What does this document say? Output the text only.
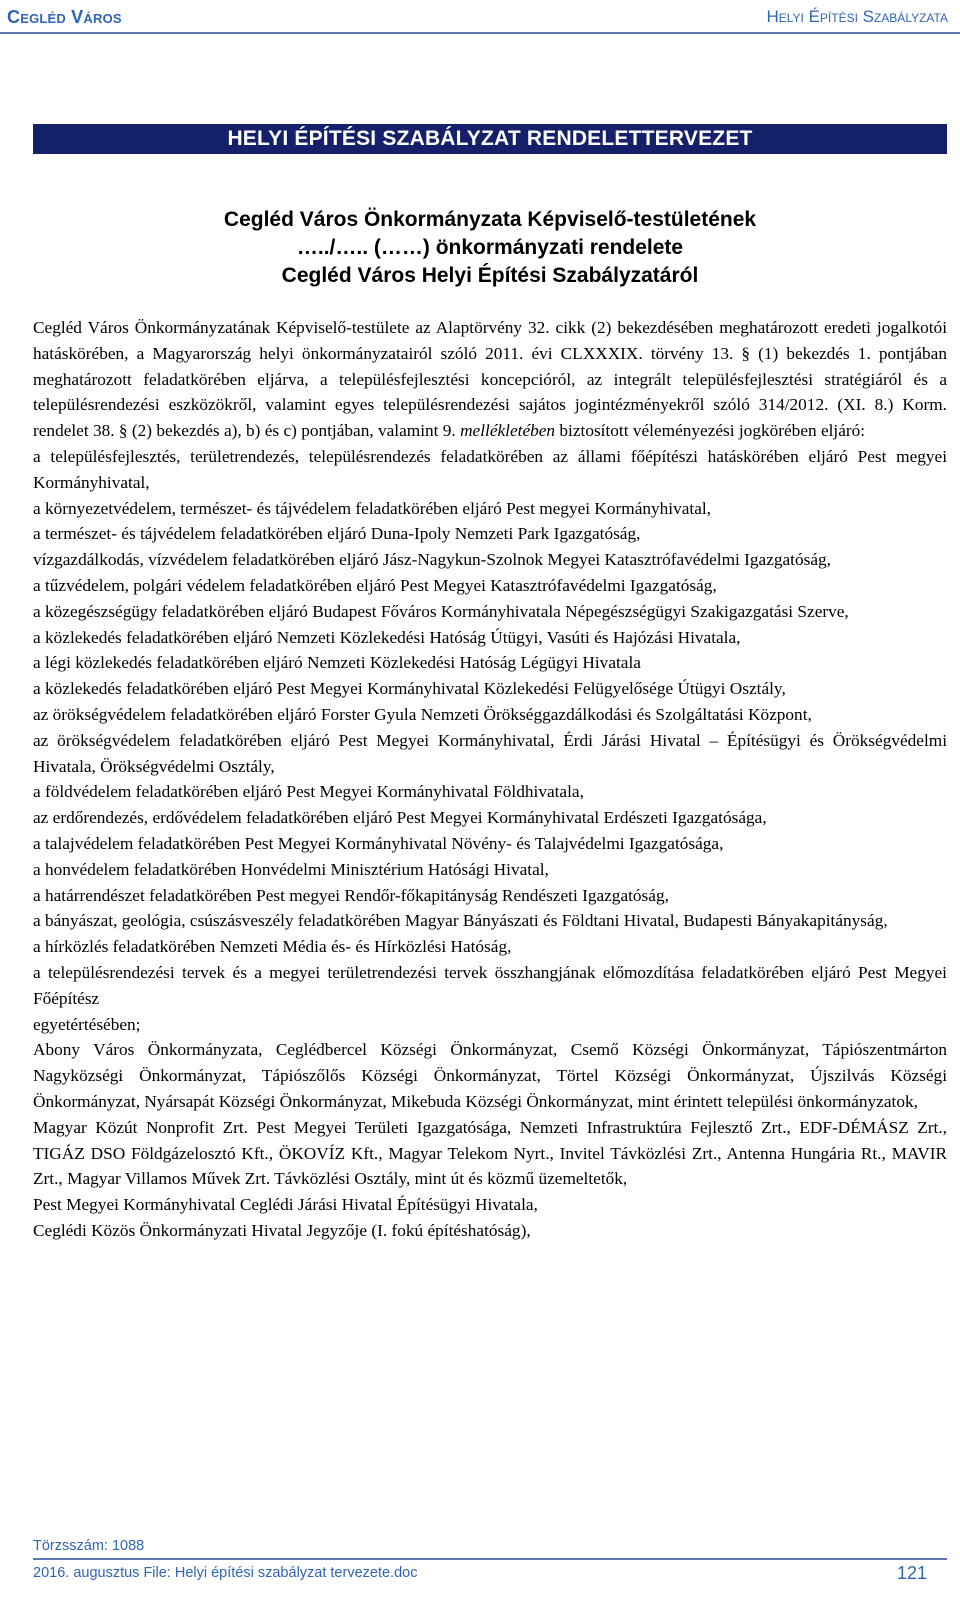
Cegléd Város	Helyi Építési Szabályzata
HELYI ÉPÍTÉSI SZABÁLYZAT RENDELETTERVEZET
Cegléd Város Önkormányzata Képviselő-testületének
…../….. (……) önkormányzati rendelete
Cegléd Város Helyi Építési Szabályzatáról

Cegléd Város Önkormányzatának Képviselő-testülete az Alaptörvény 32. cikk (2) bekezdésében meghatározott eredeti jogalkotói hatáskörében, a Magyarország helyi önkormányzatairól szóló 2011. évi CLXXXIX. törvény 13. § (1) bekezdés 1. pontjában meghatározott feladatkörében eljárva, a településfejlesztési koncepcióról, az integrált településfejlesztési stratégiáról és a településrendezési eszközökről, valamint egyes településrendezési sajátos jogintézményekről szóló 314/2012. (XI. 8.) Korm. rendelet 38. § (2) bekezdés a), b) és c) pontjában, valamint 9. mellékletében biztosított véleményezési jogkörében eljáró:

a településfejlesztés, területrendezés, településrendezés feladatkörében az állami főépítészi hatáskörében eljáró Pest megyei Kormányhivatal,

a környezetvédelem, természet- és tájvédelem feladatkörében eljáró Pest megyei Kormányhivatal,

a természet- és tájvédelem feladatkörében eljáró Duna-Ipoly Nemzeti Park Igazgatóság,

vízgazdálkodás, vízvédelem feladatkörében eljáró Jász-Nagykun-Szolnok Megyei Katasztrófavédelmi Igazgatóság,

a tűzvédelem, polgári védelem feladatkörében eljáró Pest Megyei Katasztrófavédelmi Igazgatóság,

a közegészségügy feladatkörében eljáró Budapest Főváros Kormányhivatala Népegészségügyi Szakigazgatási Szerve,

a közlekedés feladatkörében eljáró Nemzeti Közlekedési Hatóság Útügyi, Vasúti és Hajózási Hivatala,

a légi közlekedés feladatkörében eljáró Nemzeti Közlekedési Hatóság Légügyi Hivatala

a közlekedés feladatkörében eljáró Pest Megyei Kormányhivatal Közlekedési Felügyelősége Útügyi Osztály,

az örökségvédelem feladatkörében eljáró Forster Gyula Nemzeti Örökséggazdálkodási és Szolgáltatási Központ,

az örökségvédelem feladatkörében eljáró Pest Megyei Kormányhivatal, Érdi Járási Hivatal – Építésügyi és Örökségvédelmi Hivatala, Örökségvédelmi Osztály,

a földvédelem feladatkörében eljáró Pest Megyei Kormányhivatal Földhivatala,

az erdőrendezés, erdővédelem feladatkörében eljáró Pest Megyei Kormányhivatal Erdészeti Igazgatósága,

a talajvédelem feladatkörében Pest Megyei Kormányhivatal Növény- és Talajvédelmi Igazgatósága,

a honvédelem feladatkörében Honvédelmi Minisztérium Hatósági Hivatal,

a határrendészet feladatkörében Pest megyei Rendőr-főkapitányság Rendészeti Igazgatóság,

a bányászat, geológia, csúszásveszély feladatkörében Magyar Bányászati és Földtani Hivatal, Budapesti Bányakapitányság,

a hírközlés feladatkörében Nemzeti Média és- és Hírközlési Hatóság,

a településrendezési tervek és a megyei területrendezési tervek összhangjának előmozdítása feladatkörében eljáró Pest Megyei Főépítész

egyetértésében;

Abony Város Önkormányzata, Ceglédbercel Községi Önkormányzat, Csemő Községi Önkormányzat, Tápiószentmárton Nagyközségi Önkormányzat, Tápiószőlős Községi Önkormányzat, Törtel Községi Önkormányzat, Újszilvás Községi Önkormányzat, Nyársapát Községi Önkormányzat, Mikebuda Községi Önkormányzat, mint érintett települési önkormányzatok,

Magyar Közút Nonprofit Zrt. Pest Megyei Területi Igazgatósága, Nemzeti Infrastruktúra Fejlesztő Zrt., EDF-DÉMÁSZ Zrt., TIGÁZ DSO Földgázelosztó Kft., ÖKOVÍZ Kft., Magyar Telekom Nyrt., Invitel Távközlési Zrt., Antenna Hungária Rt., MAVIR Zrt., Magyar Villamos Művek Zrt. Távközlési Osztály, mint út és közmű üzemeltetők,

Pest Megyei Kormányhivatal Ceglédi Járási Hivatal Építésügyi Hivatala,

Ceglédi Közös Önkormányzati Hivatal Jegyzője (I. fokú építéshatóság),

Törzsszám: 1088
2016. augusztus File: Helyi építési szabályzat tervezete.doc	121
